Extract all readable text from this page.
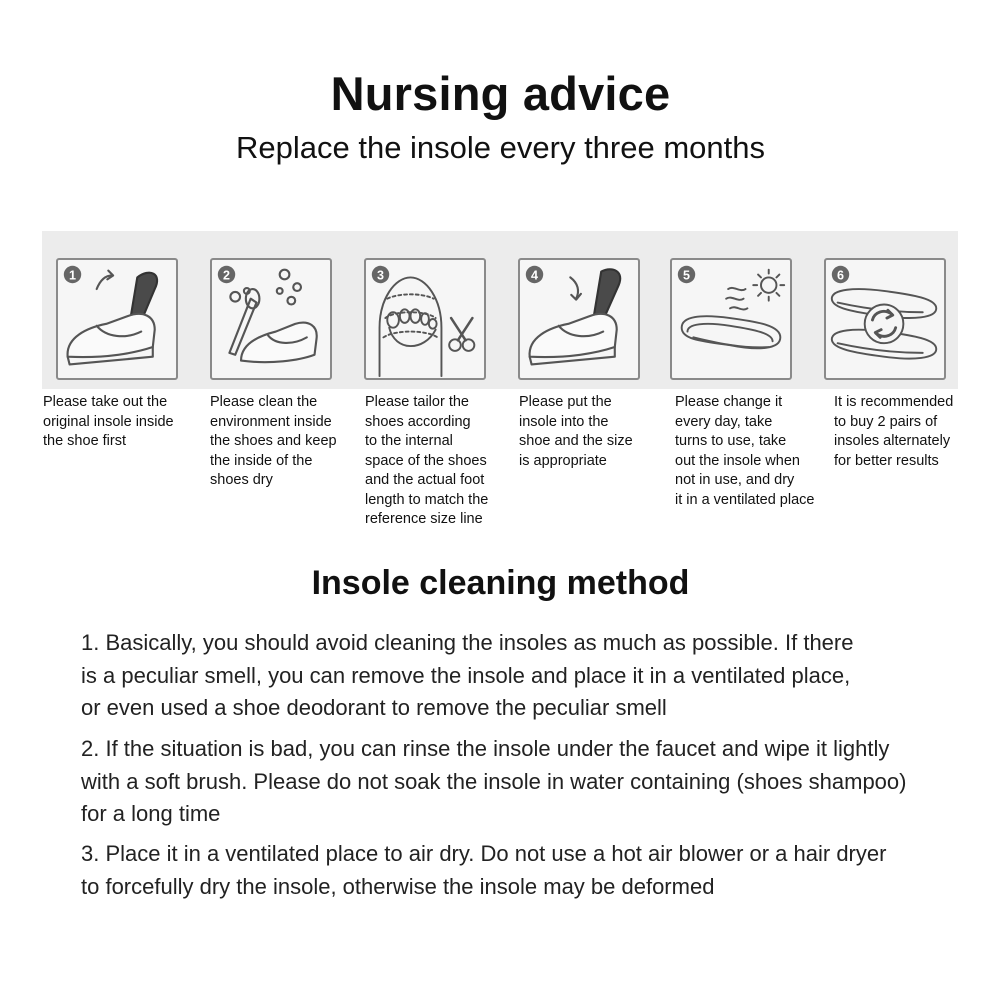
Nursing advice
Replace the insole every three months
1	2	3	4	5	6
Please take out the
original insole inside
the shoe first
Please clean the
environment inside
the shoes and keep
the inside of the
shoes dry
Please tailor the
shoes according
to the internal
space of the shoes
and the actual foot
length to match the
reference size line
Please put the
insole into the
shoe and the size
is appropriate
Please change it
every day, take
turns to use, take
out the insole when
not in use, and dry
it in a ventilated place
It is recommended
to buy 2 pairs of
insoles alternately
for better results
Insole cleaning method
1. Basically, you should avoid cleaning the insoles as much as possible. If there
is a peculiar smell, you can remove the insole and place it in a ventilated place,
or even used a shoe deodorant to remove the peculiar smell
2. If the situation is bad, you can rinse the insole under the faucet and wipe it lightly
with a soft brush. Please do not soak the insole in water containing (shoes shampoo)
for a long time
3. Place it in a ventilated place to air dry. Do not use a hot air blower or a hair dryer
to forcefully dry the insole, otherwise the insole may be deformed
